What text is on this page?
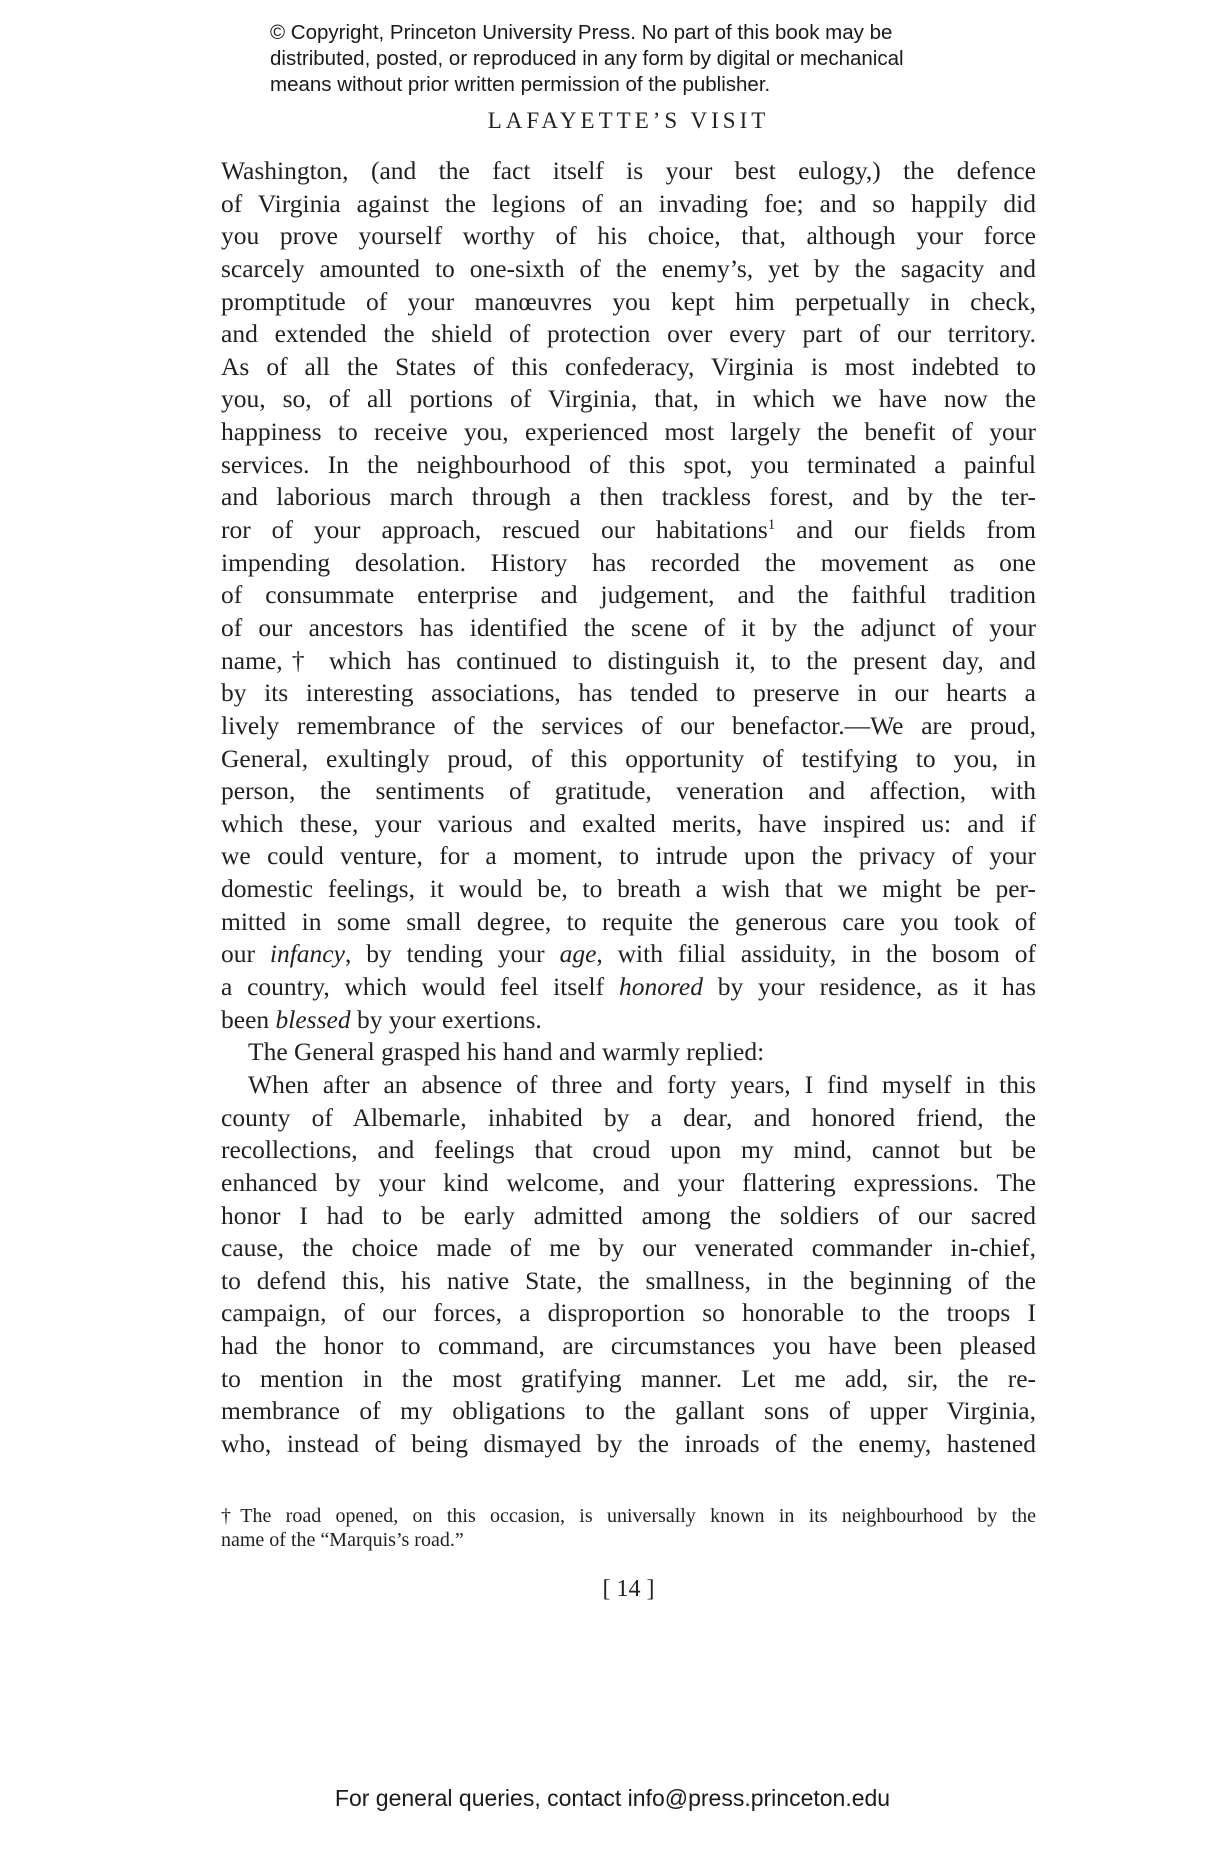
© Copyright, Princeton University Press. No part of this book may be
distributed, posted, or reproduced in any form by digital or mechanical
means without prior written permission of the publisher.
LAFAYETTE’S VISIT
Washington, (and the fact itself is your best eulogy,) the defence
of Virginia against the legions of an invading foe; and so happily did
you prove yourself worthy of his choice, that, although your force
scarcely amounted to one-sixth of the enemy’s, yet by the sagacity and
promptitude of your manœuvres you kept him perpetually in check,
and extended the shield of protection over every part of our territory.
As of all the States of this confederacy, Virginia is most indebted to
you, so, of all portions of Virginia, that, in which we have now the
happiness to receive you, experienced most largely the benefit of your
services. In the neighbourhood of this spot, you terminated a painful
and laborious march through a then trackless forest, and by the ter-
ror of your approach, rescued our habitations$^1$ and our fields from
impending desolation. History has recorded the movement as one
of consummate enterprise and judgement, and the faithful tradition
of our ancestors has identified the scene of it by the adjunct of your
name,† which has continued to distinguish it, to the present day, and
by its interesting associations, has tended to preserve in our hearts a
lively remembrance of the services of our benefactor.—We are proud,
General, exultingly proud, of this opportunity of testifying to you, in
person, the sentiments of gratitude, veneration and affection, with
which these, your various and exalted merits, have inspired us: and if
we could venture, for a moment, to intrude upon the privacy of your
domestic feelings, it would be, to breath a wish that we might be per-
mitted in some small degree, to requite the generous care you took of
our infancy, by tending your age, with filial assiduity, in the bosom of
a country, which would feel itself honored by your residence, as it has
been blessed by your exertions.
The General grasped his hand and warmly replied:
When after an absence of three and forty years, I find myself in this
county of Albemarle, inhabited by a dear, and honored friend, the
recollections, and feelings that croud upon my mind, cannot but be
enhanced by your kind welcome, and your flattering expressions. The
honor I had to be early admitted among the soldiers of our sacred
cause, the choice made of me by our venerated commander in-chief,
to defend this, his native State, the smallness, in the beginning of the
campaign, of our forces, a disproportion so honorable to the troops I
had the honor to command, are circumstances you have been pleased
to mention in the most gratifying manner. Let me add, sir, the re-
membrance of my obligations to the gallant sons of upper Virginia,
who, instead of being dismayed by the inroads of the enemy, hastened
†The road opened, on this occasion, is universally known in its neighbourhood by the
name of the “Marquis’s road.”
[ 14 ]
For general queries, contact info@press.princeton.edu
